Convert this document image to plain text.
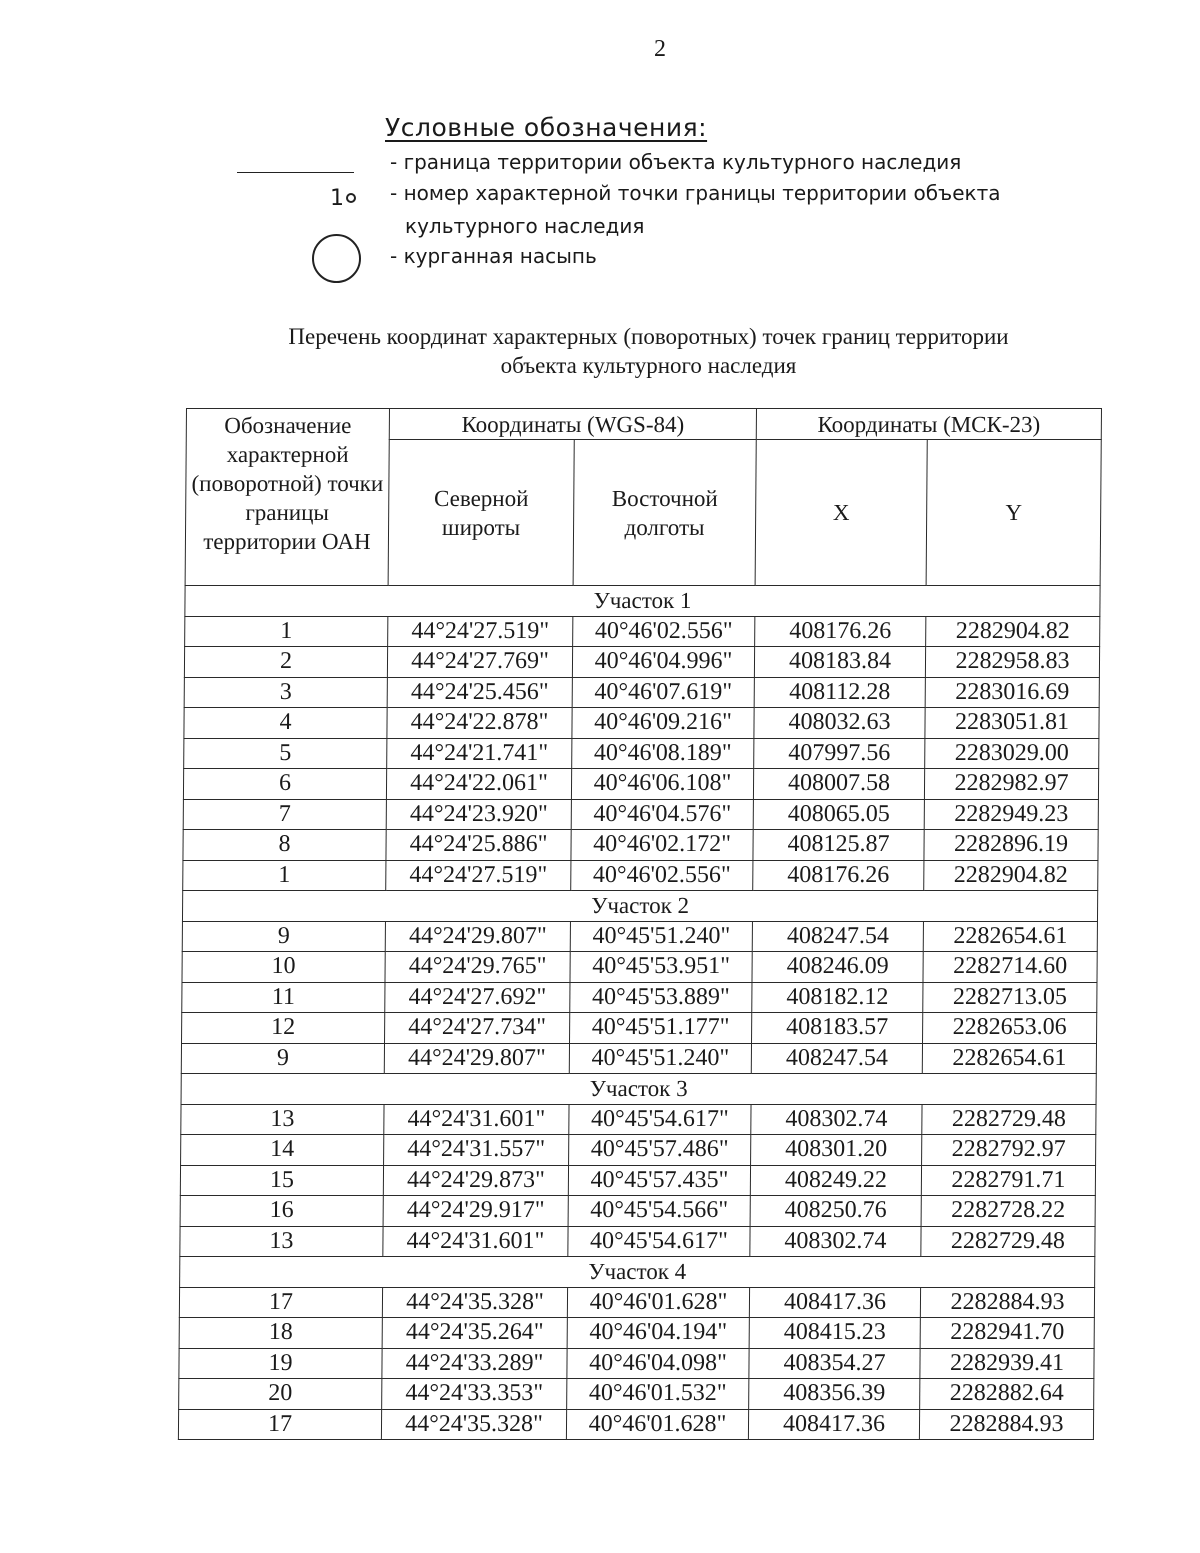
2
Условные обозначения:
- граница территории объекта культурного наследия
1 - номер характерной точки границы территории объекта
культурного наследия
- курганная насыпь
Перечень координат характерных (поворотных) точек границ территории
объекта культурного наследия
Обозначение характерной (поворотной) точки границы территории ОАН	Координаты (WGS-84)		Координаты (МСК-23)	
	Северной широты	Восточной долготы	X	Y
Участок 1				
1	44°24'27.519"	40°46'02.556"	408176.26	2282904.82
2	44°24'27.769"	40°46'04.996"	408183.84	2282958.83
3	44°24'25.456"	40°46'07.619"	408112.28	2283016.69
4	44°24'22.878"	40°46'09.216"	408032.63	2283051.81
5	44°24'21.741"	40°46'08.189"	407997.56	2283029.00
6	44°24'22.061"	40°46'06.108"	408007.58	2282982.97
7	44°24'23.920"	40°46'04.576"	408065.05	2282949.23
8	44°24'25.886"	40°46'02.172"	408125.87	2282896.19
1	44°24'27.519"	40°46'02.556"	408176.26	2282904.82
Участок 2				
9	44°24'29.807"	40°45'51.240"	408247.54	2282654.61
10	44°24'29.765"	40°45'53.951"	408246.09	2282714.60
11	44°24'27.692"	40°45'53.889"	408182.12	2282713.05
12	44°24'27.734"	40°45'51.177"	408183.57	2282653.06
9	44°24'29.807"	40°45'51.240"	408247.54	2282654.61
Участок 3				
13	44°24'31.601"	40°45'54.617"	408302.74	2282729.48
14	44°24'31.557"	40°45'57.486"	408301.20	2282792.97
15	44°24'29.873"	40°45'57.435"	408249.22	2282791.71
16	44°24'29.917"	40°45'54.566"	408250.76	2282728.22
13	44°24'31.601"	40°45'54.617"	408302.74	2282729.48
Участок 4				
17	44°24'35.328"	40°46'01.628"	408417.36	2282884.93
18	44°24'35.264"	40°46'04.194"	408415.23	2282941.70
19	44°24'33.289"	40°46'04.098"	408354.27	2282939.41
20	44°24'33.353"	40°46'01.532"	408356.39	2282882.64
17	44°24'35.328"	40°46'01.628"	408417.36	2282884.93
